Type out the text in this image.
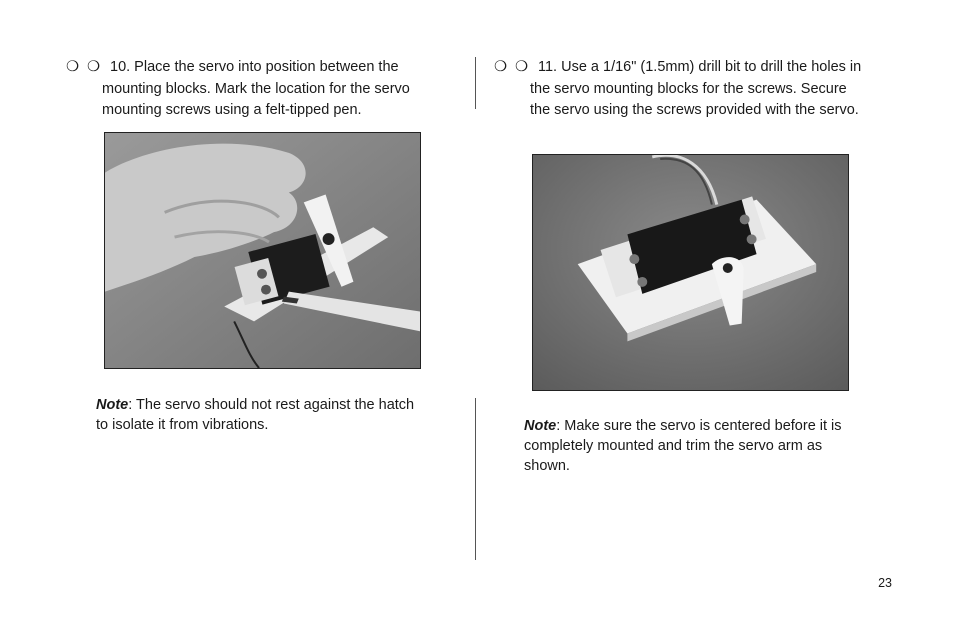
❍ ❍ 10. Place the servo into position between the mounting blocks. Mark the location for the servo mounting screws using a felt-tipped pen.
Note: The servo should not rest against the hatch to isolate it from vibrations.
❍ ❍ 11. Use a 1/16" (1.5mm) drill bit to drill the holes in the servo mounting blocks for the screws. Secure the servo using the screws provided with the servo.
Note: Make sure the servo is centered before it is completely mounted and trim the servo arm as shown.
23
